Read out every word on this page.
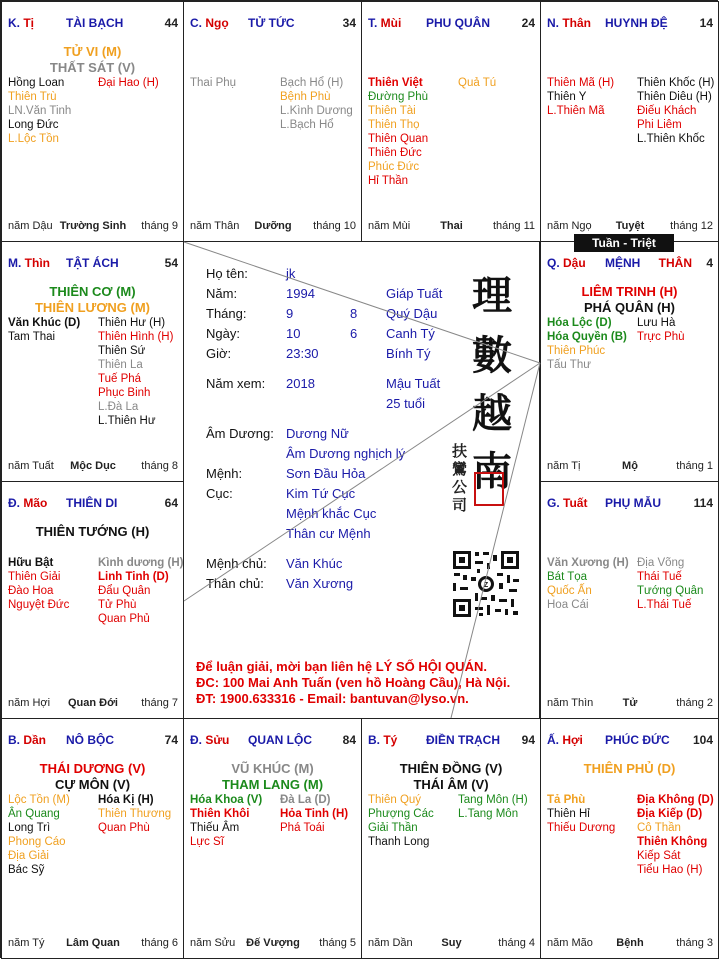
K. Tị	TÀI BẠCH	44
TỬ VI (M)
THẤT SÁT (V)
Hồng Loan
Thiên Trù
LN.Văn Tinh
Long Đức
L.Lộc Tồn
Đại Hao (H)
năm Dậu Trường Sinh tháng 9
C. Ngọ TỬ TỨC	34
Thai Phụ	Bạch Hổ (H)
Bệnh Phù
L.Kình Dương
L.Bạch Hổ
năm Thân Dưỡng tháng 10
T. Mùi PHU QUÂN	24
Thiên Việt
Đường Phù
Thiên Tài
Thiên Thọ
Thiên Quan
Thiên Đức
Phúc Đức
Hỉ Thần
Quả Tú
năm Mùi	Thai	tháng 11
N. Thân HUYNH ĐỆ	14
Thiên Mã (H)
Thiên Y
L.Thiên Mã
Thiên Khốc (H)
Thiên Diêu (H)
Điếu Khách
Phi Liêm
L.Thiên Khốc
năm Ngọ Tuyệt tháng 12
M. Thìn TẬT ÁCH	54
THIÊN CƠ (M)
THIÊN LƯƠNG (M)
Văn Khúc (D)
Tam Thai
Thiên Hư (H)
Thiên Hình (H)
Thiên Sứ
Thiên La
Tuế Phá
Phục Binh
L.Đà La
L.Thiên Hư
năm Tuất Mộc Dục tháng 8
Q. Dậu MỆNH	4
THÂN
LIÊM TRINH (H)
PHÁ QUÂN (H)
Hóa Lộc (D)
Hóa Quyền (B)
Thiên Phúc
Tấu Thư
Lưu Hà
Trực Phù
năm Tị	Mộ	tháng 1
Đ. Mão THIÊN DI	64
THIÊN TƯỚNG (H)
Hữu Bật
Thiên Giải
Đào Hoa
Nguyệt Đức
Kình dương (H)
Linh Tinh (D)
Đẩu Quân
Tử Phù
Quan Phủ
năm Hợi Quan Đới tháng 7
G. Tuất PHỤ MẪU	114
Văn Xương (H)
Bát Tọa
Quốc Ấn
Hoa Cái
Địa Võng
Thái Tuế
Tướng Quân
L.Thái Tuế
năm Thìn	Tử	tháng 2
B. Dần NÔ BỘC	74
THÁI DƯƠNG (V)
CỰ MÔN (V)
Lộc Tồn (M)
Ân Quang
Long Trì
Phong Cáo
Địa Giải
Bác Sỹ
Hóa Kị (H)
Thiên Thương
Quan Phù
năm Tý Lâm Quan tháng 6
Đ. Sửu QUAN LỘC	84
VŨ KHÚC (M)
THAM LANG (M)
Hóa Khoa (V)
Thiên Khôi
Thiếu Âm
Lực Sĩ
Đà La (D)
Hỏa Tinh (H)
Phá Toái
năm Sửu Đế Vượng tháng 5
B. Tý ĐIỀN TRẠCH 94
THIÊN ĐỒNG (V)
THÁI ÂM (V)
Thiên Quý
Phượng Các
Giải Thần
Thanh Long
Tang Môn (H)
L.Tang Môn
năm Dần	Suy	tháng 4
Ấ. Hợi PHÚC ĐỨC 104
THIÊN PHỦ (D)
Tả Phù
Thiên Hỉ
Thiếu Dương
Địa Không (D)
Địa Kiếp (D)
Cô Thần
Thiên Không
Kiếp Sát
Tiểu Hao (H)
năm Mão Bệnh	tháng 3
Họ tên:	jk
Năm:	1994	Giáp Tuất
Tháng:	9	8 Quý Dậu
Ngày:	10	6 Canh Tý
Giờ:	23:30	Bính Tý
Năm xem: 2018	Mậu Tuất
25 tuổi
Âm Dương: Dương Nữ
Âm Dương nghịch lý
Mệnh:	Sơn Đầu Hỏa
Cục:	Kim Tứ Cục
Mệnh khắc Cục
Thân cư Mệnh
Mệnh chủ: Văn Khúc
Thân chủ: Văn Xương
理
數
越
南
扶
鸞
公
司
Để luận giải, mời bạn liên hệ LÝ SỐ HỘI QUÁN.
ĐC: 100 Mai Anh Tuấn (ven hồ Hoàng Cầu), Hà Nội.
ĐT: 1900.633316 - Email: bantuvan@lyso.vn.
Z
Tuần - Triệt
